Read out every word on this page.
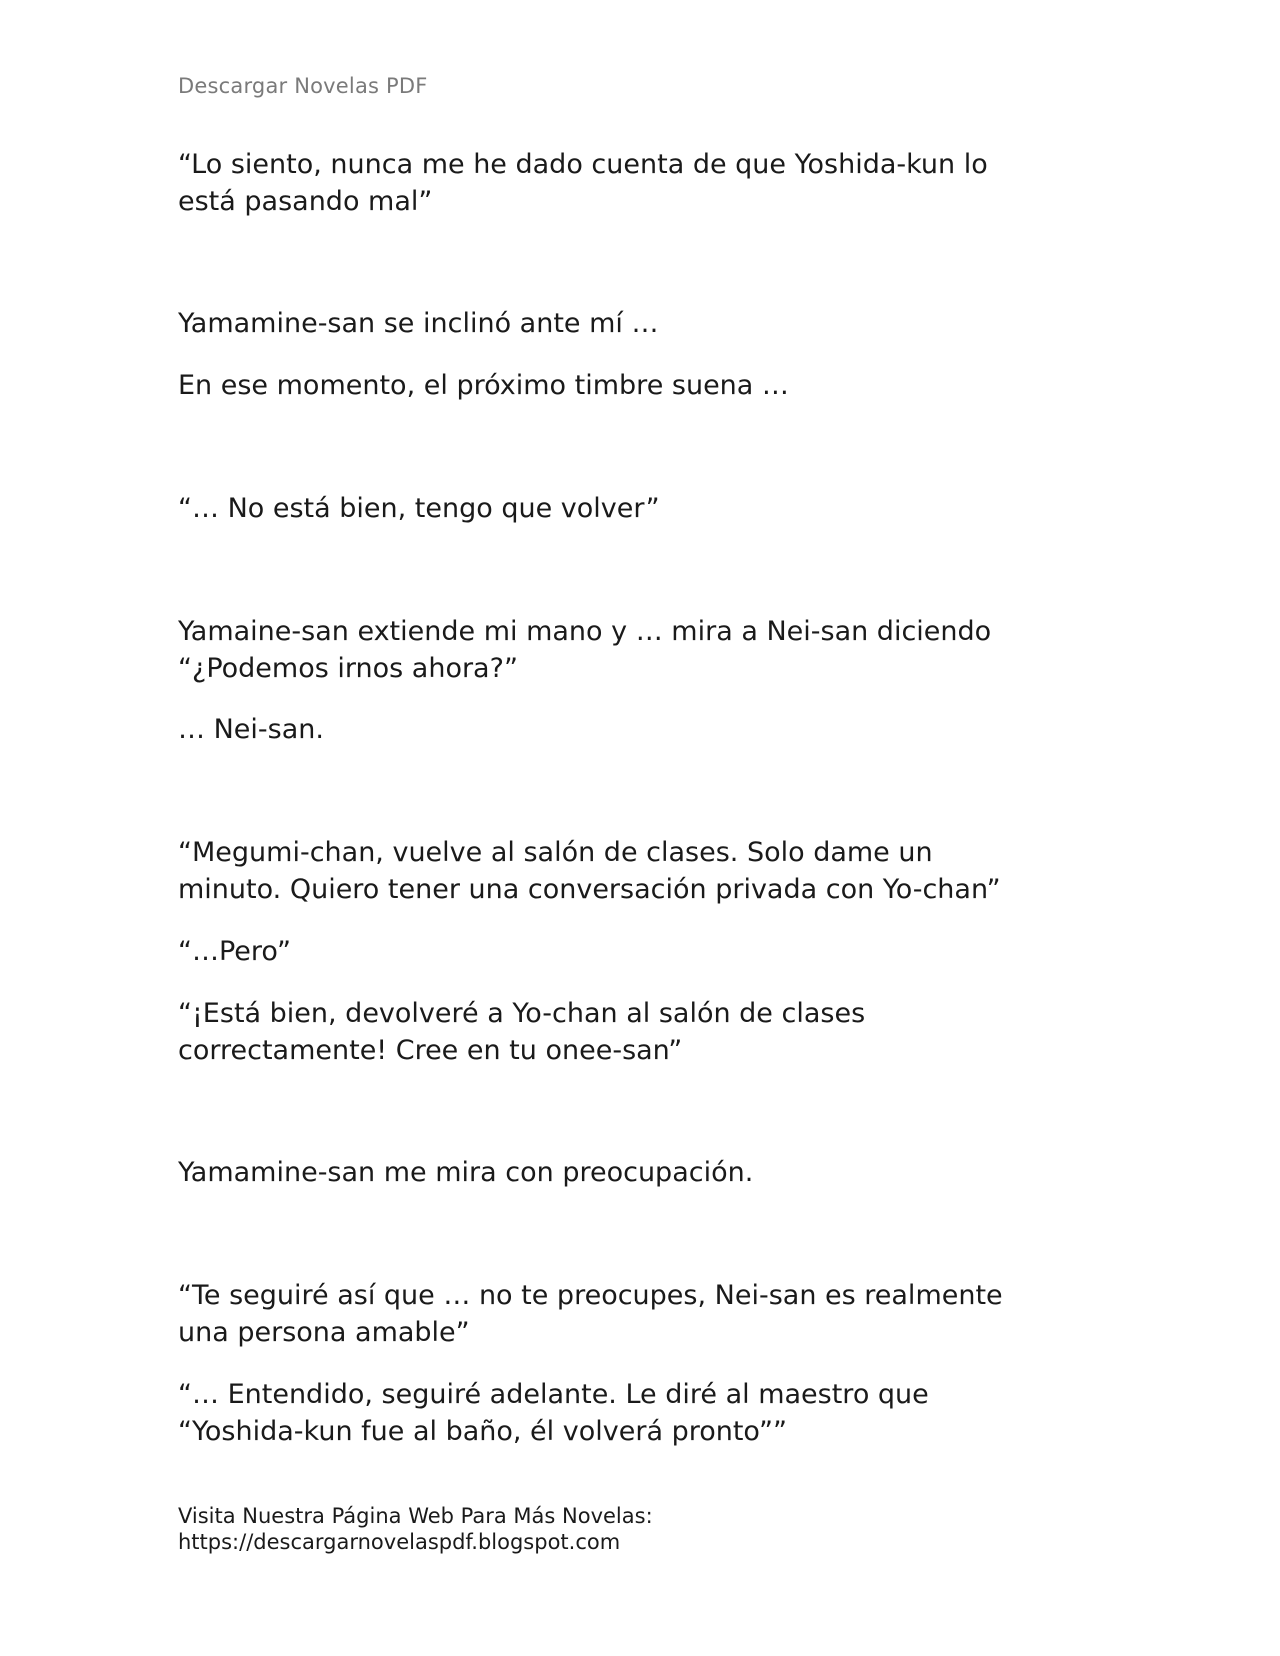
Descargar Novelas PDF
“Lo siento, nunca me he dado cuenta de que Yoshida-kun lo
está pasando mal”
Yamamine-san se inclinó ante mí …
En ese momento, el próximo timbre suena …
“… No está bien, tengo que volver”
Yamaine-san extiende mi mano y … mira a Nei-san diciendo
“¿Podemos irnos ahora?”
… Nei-san.
“Megumi-chan, vuelve al salón de clases. Solo dame un
minuto. Quiero tener una conversación privada con Yo-chan”
“…Pero”
“¡Está bien, devolveré a Yo-chan al salón de clases
correctamente! Cree en tu onee-san”
Yamamine-san me mira con preocupación.
“Te seguiré así que … no te preocupes, Nei-san es realmente
una persona amable”
“… Entendido, seguiré adelante. Le diré al maestro que
“Yoshida-kun fue al baño, él volverá pronto””
Visita Nuestra Página Web Para Más Novelas:
https://descargarnovelaspdf.blogspot.com
